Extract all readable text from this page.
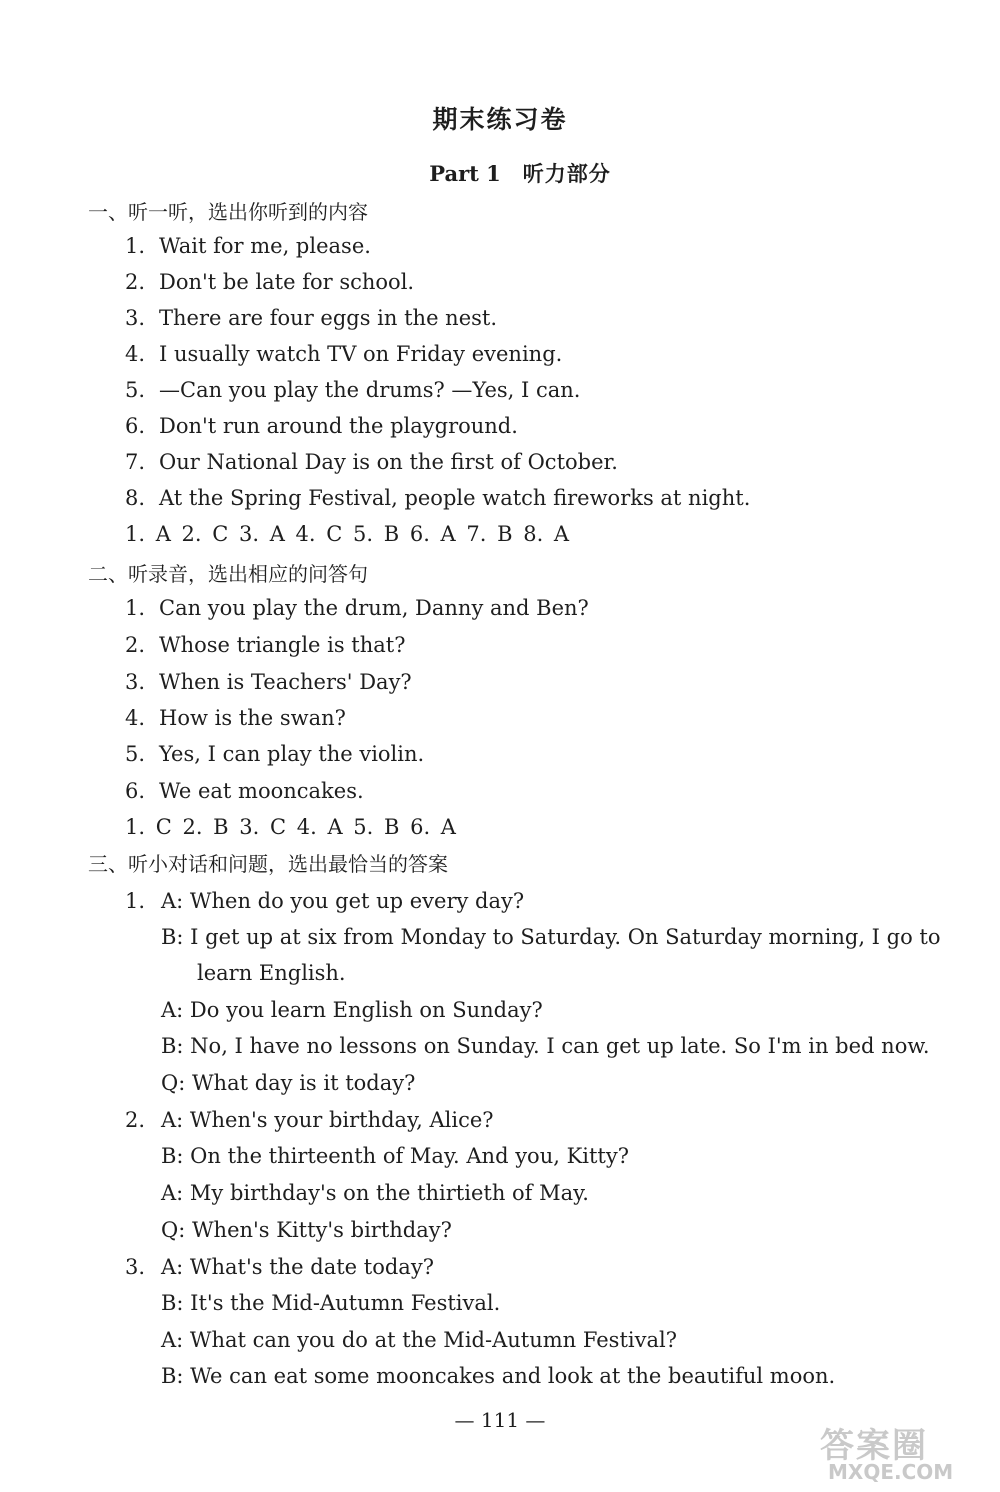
期末练习卷
Part 1 听力部分
一、听一听，选出你听到的内容
1. Wait for me, please.
2. Don't be late for school.
3. There are four eggs in the nest.
4. I usually watch TV on Friday evening.
5. —Can you play the drums? —Yes, I can.
6. Don't run around the playground.
7. Our National Day is on the first of October.
8. At the Spring Festival, people watch fireworks at night.
1. A 2. C 3. A 4. C 5. B 6. A 7. B 8. A
二、听录音，选出相应的问答句
1. Can you play the drum, Danny and Ben?
2. Whose triangle is that?
3. When is Teachers' Day?
4. How is the swan?
5. Yes, I can play the violin.
6. We eat mooncakes.
1. C 2. B 3. C 4. A 5. B 6. A
三、听小对话和问题，选出最恰当的答案
1. A: When do you get up every day?
B: I get up at six from Monday to Saturday. On Saturday morning, I go to
learn English.
A: Do you learn English on Sunday?
B: No, I have no lessons on Sunday. I can get up late. So I'm in bed now.
Q: What day is it today?
2. A: When's your birthday, Alice?
B: On the thirteenth of May. And you, Kitty?
A: My birthday's on the thirtieth of May.
Q: When's Kitty's birthday?
3. A: What's the date today?
B: It's the Mid-Autumn Festival.
A: What can you do at the Mid-Autumn Festival?
B: We can eat some mooncakes and look at the beautiful moon.
— 111 —
答案圈
MXQE.COM
